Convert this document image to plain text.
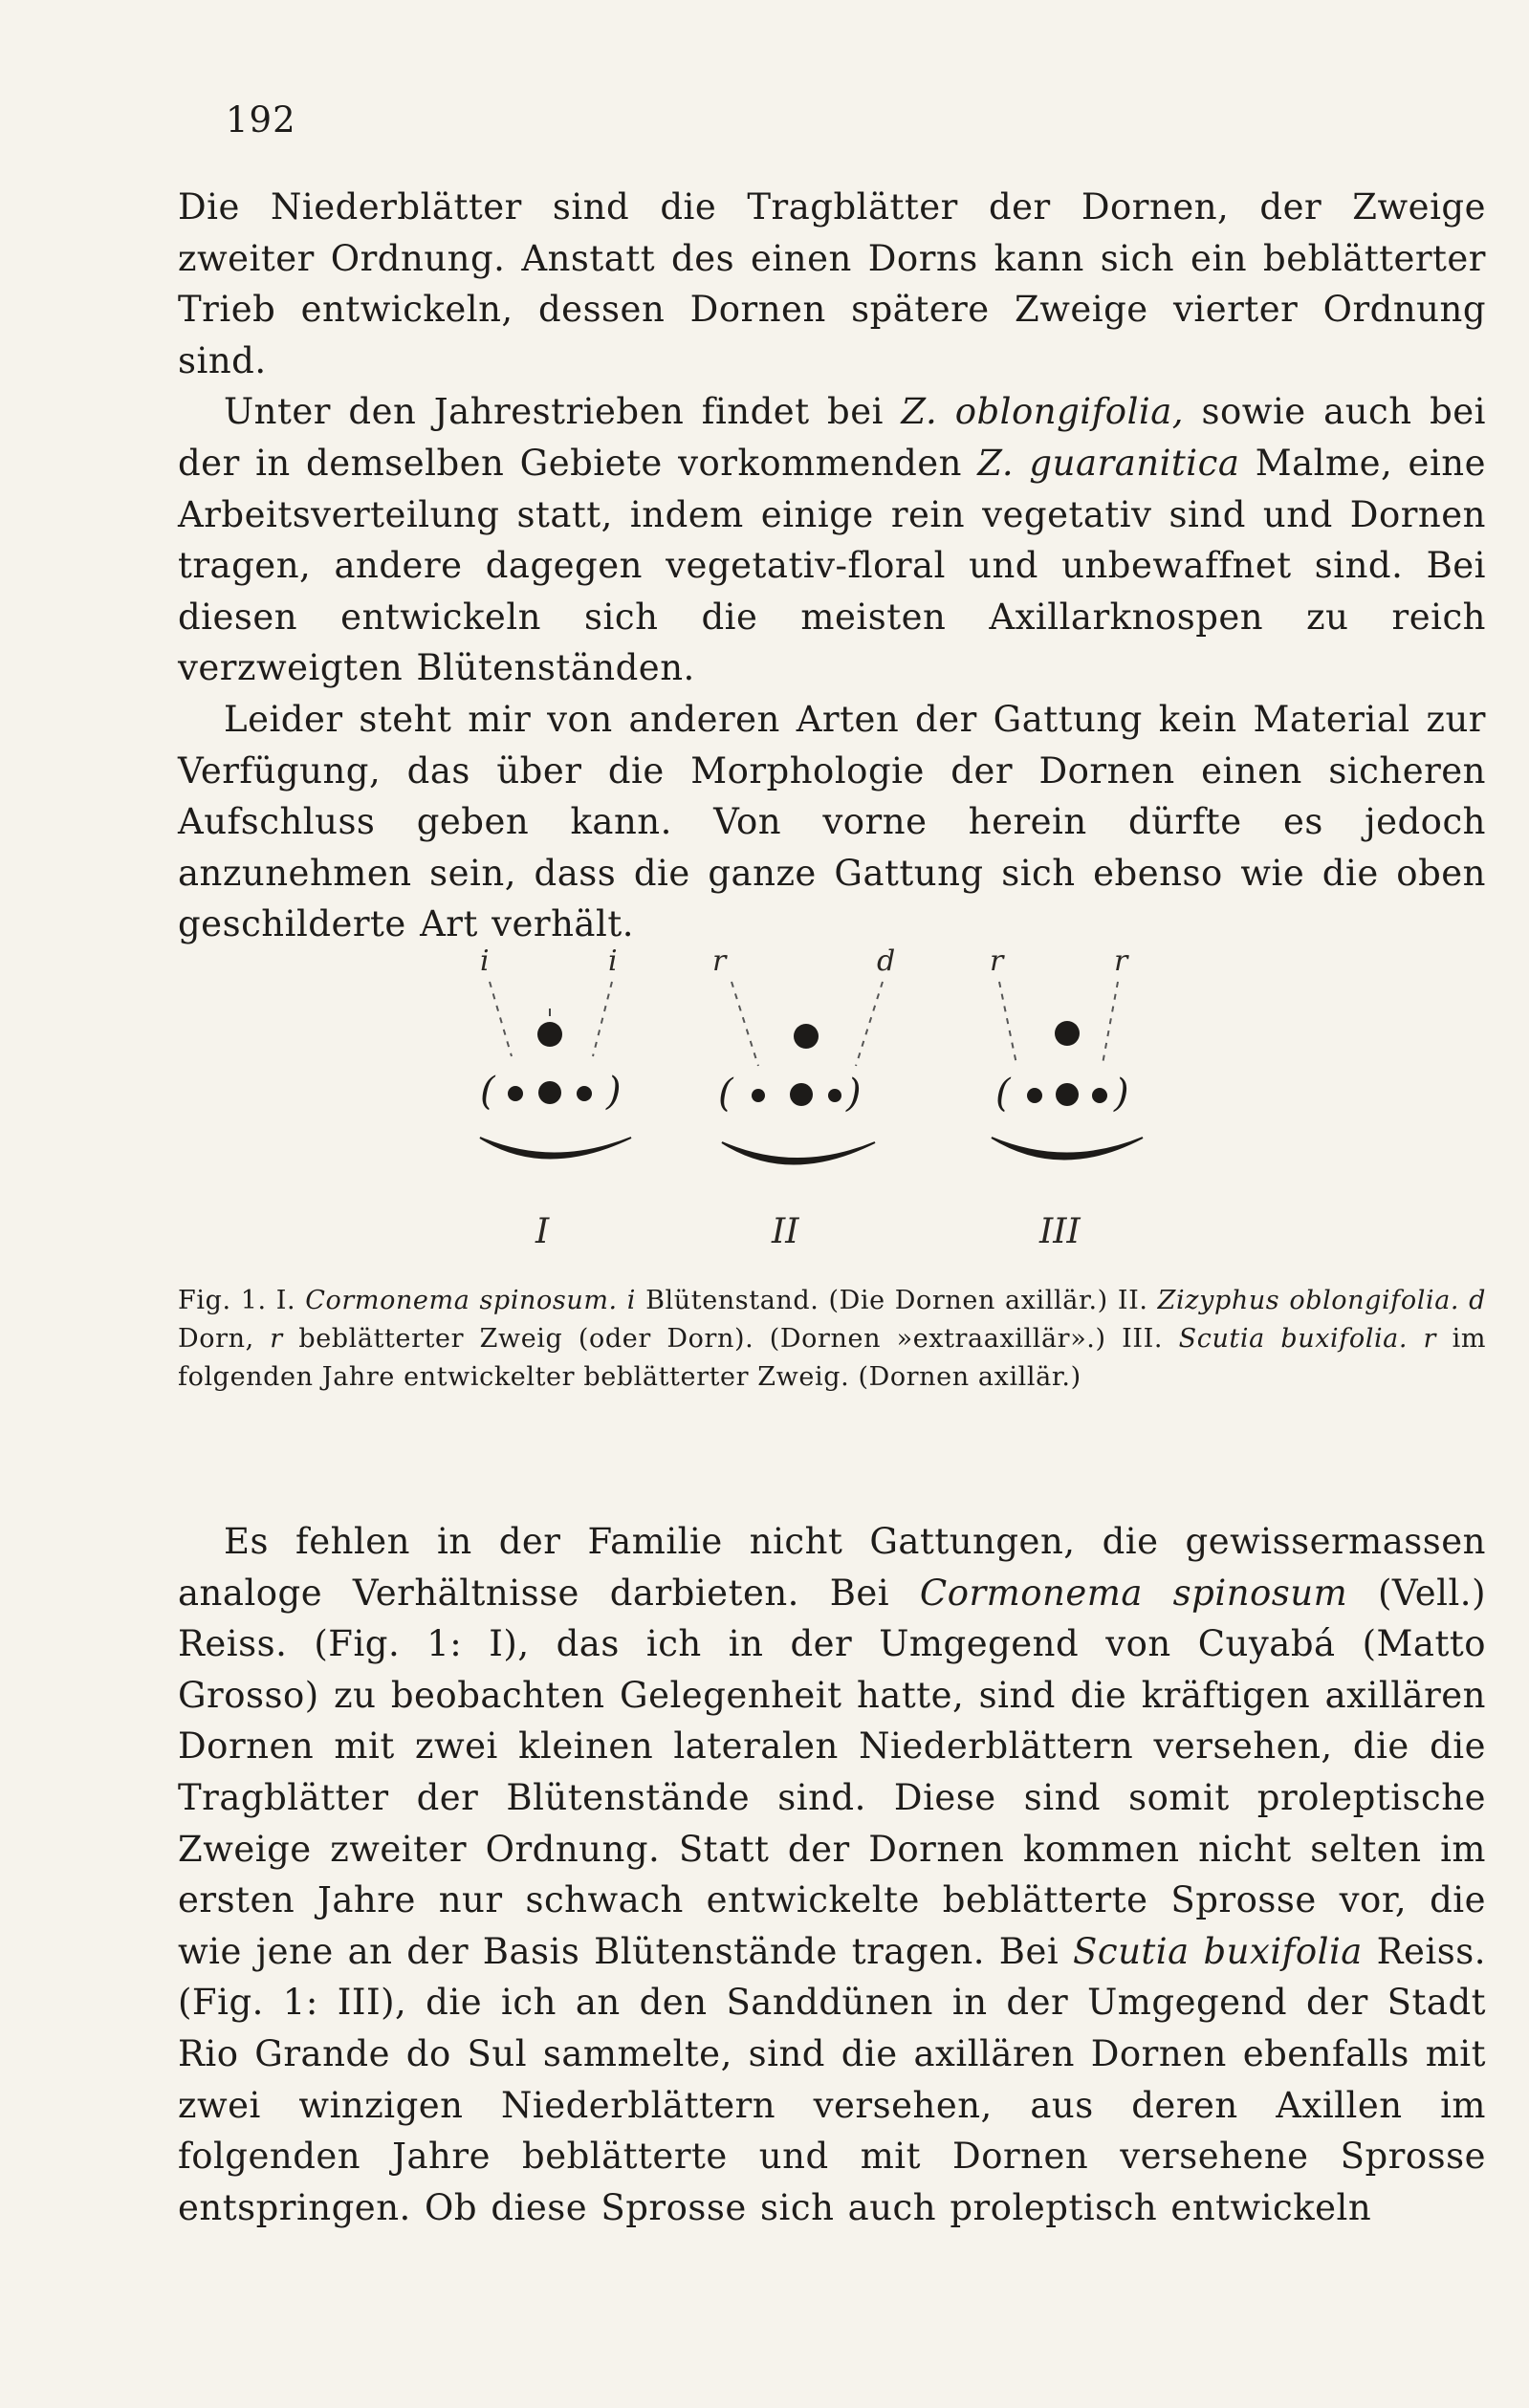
192

Die Niederblätter sind die Tragblätter der Dornen, der Zweige zweiter Ordnung. Anstatt des einen Dorns kann sich ein beblätterter Trieb entwickeln, dessen Dornen spätere Zweige vierter Ordnung sind.

Unter den Jahrestrieben findet bei Z. oblongifolia, sowie auch bei der in demselben Gebiete vorkommenden Z. guaranitica Malme, eine Arbeitsverteilung statt, indem einige rein vegetativ sind und Dornen tragen, andere dagegen vegetativ-floral und unbewaffnet sind. Bei diesen entwickeln sich die meisten Axillarknospen zu reich verzweigten Blütenständen.

Leider steht mir von anderen Arten der Gattung kein Material zur Verfügung, das über die Morphologie der Dornen einen sicheren Aufschluss geben kann. Von vorne herein dürfte es jedoch anzunehmen sein, dass die ganze Gattung sich ebenso wie die oben geschilderte Art verhält.

i	i
(	)
I
r	d
(	)
II
r	r
(	)
III
Fig. 1. I. Cormonema spinosum. i Blütenstand. (Die Dornen axillär.) II. Zizyphus oblongifolia. d Dorn, r beblätterter Zweig (oder Dorn). (Dornen »extraaxillär».) III. Scutia buxifolia. r im folgenden Jahre entwickelter beblätterter Zweig. (Dornen axillär.)

Es fehlen in der Familie nicht Gattungen, die gewissermassen analoge Verhältnisse darbieten. Bei Cormonema spinosum (Vell.) Reiss. (Fig. 1: I), das ich in der Umgegend von Cuyabá (Matto Grosso) zu beobachten Gelegenheit hatte, sind die kräftigen axillären Dornen mit zwei kleinen lateralen Niederblättern versehen, die die Tragblätter der Blütenstände sind. Diese sind somit proleptische Zweige zweiter Ordnung. Statt der Dornen kommen nicht selten im ersten Jahre nur schwach entwickelte beblätterte Sprosse vor, die wie jene an der Basis Blütenstände tragen. Bei Scutia buxifolia Reiss. (Fig. 1: III), die ich an den Sanddünen in der Umgegend der Stadt Rio Grande do Sul sammelte, sind die axillären Dornen ebenfalls mit zwei winzigen Niederblättern versehen, aus deren Axillen im folgenden Jahre beblätterte und mit Dornen versehene Sprosse entspringen. Ob diese Sprosse sich auch proleptisch entwickeln
